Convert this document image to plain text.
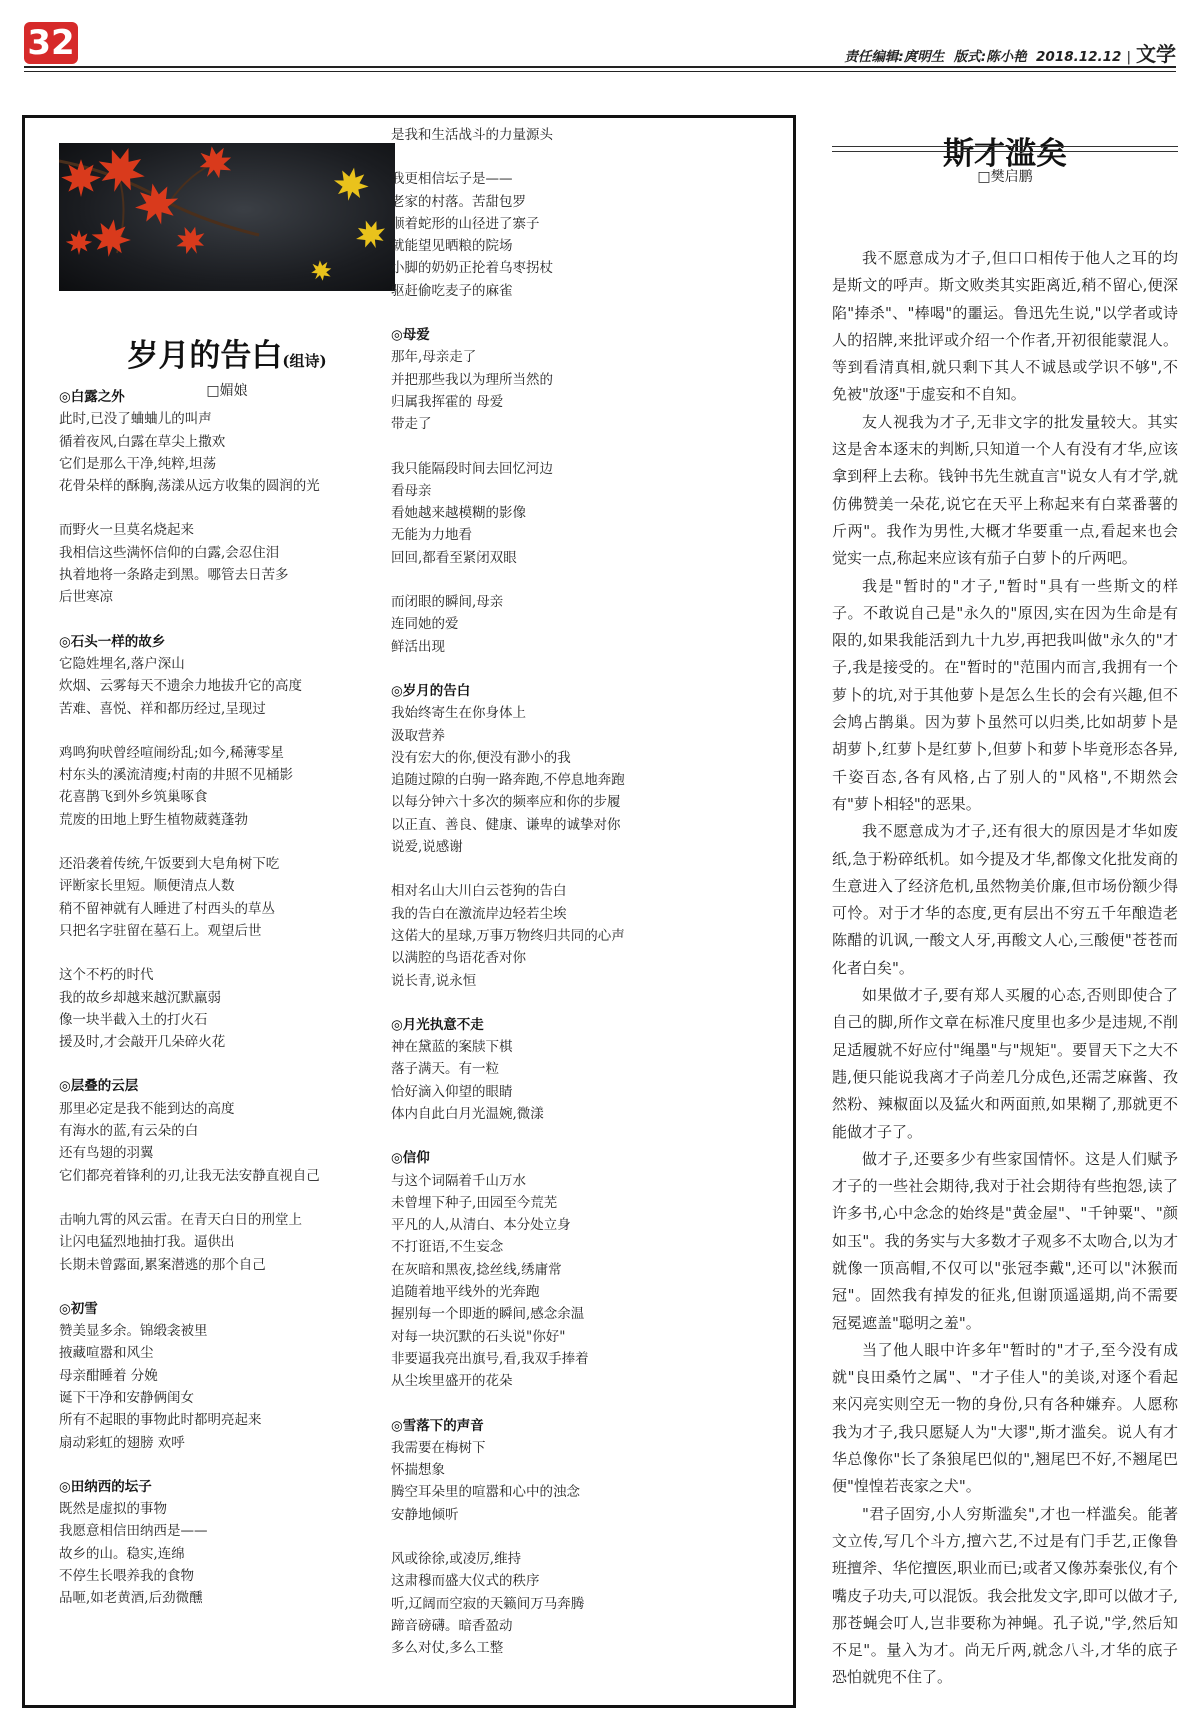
32	责任编辑:庹明生 版式:陈小艳 2018.12.12 | 文学
岁月的告白(组诗)
□媚娘
◎白露之外
此时,已没了蛐蛐儿的叫声
循着夜风,白露在草尖上撒欢
它们是那么干净,纯粹,坦荡
花骨朵样的酥胸,荡漾从远方收集的圆润的光
而野火一旦莫名烧起来
我相信这些满怀信仰的白露,会忍住泪
执着地将一条路走到黑。哪管去日苦多
后世寒凉
◎石头一样的故乡
它隐姓埋名,落户深山
炊烟、云雾每天不遗余力地拔升它的高度
苦难、喜悦、祥和都历经过,呈现过
鸡鸣狗吠曾经喧闹纷乱;如今,稀薄零星
村东头的溪流清瘦;村南的井照不见桶影
花喜鹊飞到外乡筑巢啄食
荒废的田地上野生植物葳蕤蓬勃
还沿袭着传统,午饭要到大皂角树下吃
评断家长里短。顺便清点人数
稍不留神就有人睡进了村西头的草丛
只把名字驻留在墓石上。观望后世
这个不朽的时代
我的故乡却越来越沉默羸弱
像一块半截入土的打火石
援及时,才会敲开几朵碎火花
◎层叠的云层
那里必定是我不能到达的高度
有海水的蓝,有云朵的白
还有鸟翅的羽翼
它们都亮着锋利的刃,让我无法安静直视自己
击响九霄的风云雷。在青天白日的刑堂上
让闪电猛烈地抽打我。逼供出
长期未曾露面,累案潜逃的那个自己
◎初雪
赞美显多余。锦缎衾被里
掖藏喧嚣和风尘
母亲酣睡着 分娩
诞下干净和安静俩闺女
所有不起眼的事物此时都明亮起来
扇动彩虹的翅膀 欢呼
◎田纳西的坛子
既然是虚拟的事物
我愿意相信田纳西是——
故乡的山。稳实,连绵
不停生长喂养我的食物
品咂,如老黄酒,后劲微醺
是我和生活战斗的力量源头
我更相信坛子是——
老家的村落。苦甜包罗
顺着蛇形的山径进了寨子
就能望见晒粮的院场
小脚的奶奶正抡着乌枣拐杖
驱赶偷吃麦子的麻雀
◎母爱
那年,母亲走了
并把那些我以为理所当然的
归属我挥霍的 母爱
带走了
我只能隔段时间去回忆河边
看母亲
看她越来越模糊的影像
无能为力地看
回回,都看至紧闭双眼
而闭眼的瞬间,母亲
连同她的爱
鲜活出现
◎岁月的告白
我始终寄生在你身体上
汲取营养
没有宏大的你,便没有渺小的我
追随过隙的白驹一路奔跑,不停息地奔跑
以每分钟六十多次的频率应和你的步履
以正直、善良、健康、谦卑的诚挚对你
说爱,说感谢
相对名山大川白云苍狗的告白
我的告白在激流岸边轻若尘埃
这偌大的星球,万事万物终归共同的心声
以满腔的鸟语花香对你
说长青,说永恒
◎月光执意不走
神在黛蓝的案牍下棋
落子满天。有一粒
恰好滴入仰望的眼睛
体内自此白月光温婉,微漾
◎信仰
与这个词隔着千山万水
未曾埋下种子,田园至今荒芜
平凡的人,从清白、本分处立身
不打诳语,不生妄念
在灰暗和黑夜,捻丝线,绣庸常
追随着地平线外的光奔跑
握别每一个即逝的瞬间,感念余温
对每一块沉默的石头说"你好"
非要逼我亮出旗号,看,我双手捧着
从尘埃里盛开的花朵
◎雪落下的声音
我需要在梅树下
怀揣想象
腾空耳朵里的喧嚣和心中的浊念
安静地倾听
风或徐徐,或凌厉,维持
这肃穆而盛大仪式的秩序
听,辽阔而空寂的天籁间万马奔腾
蹄音磅礴。暗香盈动
多么对仗,多么工整
斯才滥矣
□樊启鹏

我不愿意成为才子,但口口相传于他人之耳的均是斯文的呼声。斯文败类其实距离近,稍不留心,便深陷"捧杀"、"棒喝"的噩运。鲁迅先生说,"以学者或诗人的招牌,来批评或介绍一个作者,开初很能蒙混人。等到看清真相,就只剩下其人不诚恳或学识不够",不免被"放逐"于虚妄和不自知。

友人视我为才子,无非文字的批发量较大。其实这是舍本逐末的判断,只知道一个人有没有才华,应该拿到秤上去称。钱钟书先生就直言"说女人有才学,就仿佛赞美一朵花,说它在天平上称起来有白菜番薯的斤两"。我作为男性,大概才华要重一点,看起来也会觉实一点,称起来应该有茄子白萝卜的斤两吧。

我是"暂时的"才子,"暂时"具有一些斯文的样子。不敢说自己是"永久的"原因,实在因为生命是有限的,如果我能活到九十九岁,再把我叫做"永久的"才子,我是接受的。在"暂时的"范围内而言,我拥有一个萝卜的坑,对于其他萝卜是怎么生长的会有兴趣,但不会鸠占鹊巢。因为萝卜虽然可以归类,比如胡萝卜是胡萝卜,红萝卜是红萝卜,但萝卜和萝卜毕竟形态各异,千姿百态,各有风格,占了别人的"风格",不期然会有"萝卜相轻"的恶果。

我不愿意成为才子,还有很大的原因是才华如废纸,急于粉碎纸机。如今提及才华,都像文化批发商的生意进入了经济危机,虽然物美价廉,但市场份额少得可怜。对于才华的态度,更有层出不穷五千年酿造老陈醋的讥讽,一酸文人牙,再酸文人心,三酸便"苍苍而化者白矣"。

如果做才子,要有郑人买履的心态,否则即使合了自己的脚,所作文章在标准尺度里也多少是违规,不削足适履就不好应付"绳墨"与"规矩"。要冒天下之大不韪,便只能说我离才子尚差几分成色,还需芝麻酱、孜然粉、辣椒面以及猛火和两面煎,如果糊了,那就更不能做才子了。

做才子,还要多少有些家国情怀。这是人们赋予才子的一些社会期待,我对于社会期待有些抱怨,读了许多书,心中念念的始终是"黄金屋"、"千钟粟"、"颜如玉"。我的务实与大多数才子观多不太吻合,以为才就像一顶高帽,不仅可以"张冠李戴",还可以"沐猴而冠"。固然我有掉发的征兆,但谢顶遥遥期,尚不需要冠冕遮盖"聪明之羞"。

当了他人眼中许多年"暂时的"才子,至今没有成就"良田桑竹之属"、"才子佳人"的美谈,对逐个看起来闪亮实则空无一物的身份,只有各种嫌弃。人愿称我为才子,我只愿疑人为"大谬",斯才滥矣。说人有才华总像你"长了条狼尾巴似的",翘尾巴不好,不翘尾巴便"惶惶若丧家之犬"。

"君子固穷,小人穷斯滥矣",才也一样滥矣。能著文立传,写几个斗方,擅六艺,不过是有门手艺,正像鲁班擅斧、华佗擅医,职业而已;或者又像苏秦张仪,有个嘴皮子功夫,可以混饭。我会批发文字,即可以做才子,那苍蝇会叮人,岂非要称为神蝇。孔子说,"学,然后知不足"。量入为才。尚无斤两,就念八斗,才华的底子恐怕就兜不住了。
